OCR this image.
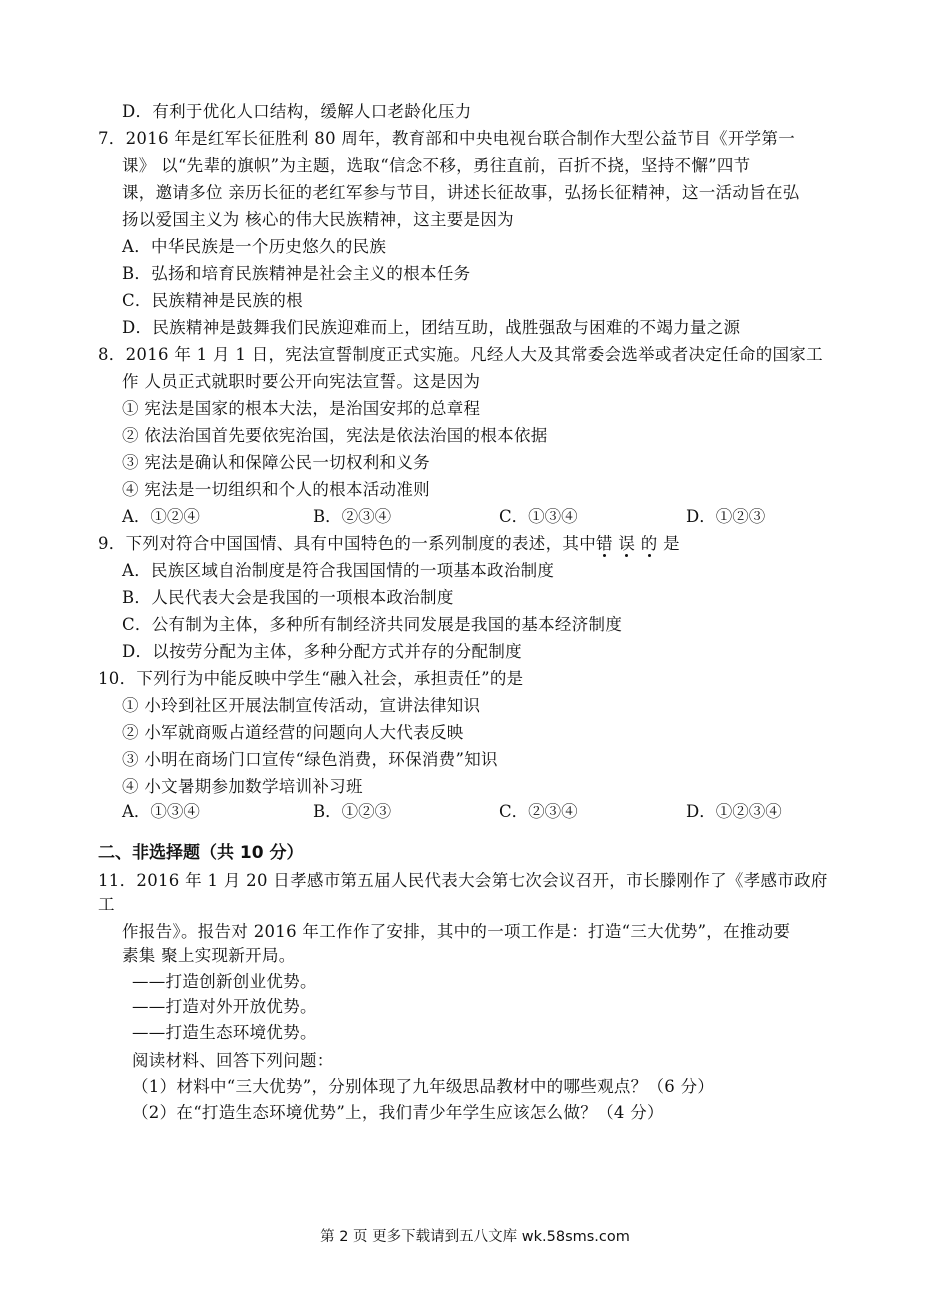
D．有利于优化人口结构，缓解人口老龄化压力
7．2016 年是红军长征胜利 80 周年，教育部和中央电视台联合制作大型公益节目《开学第一
课》 以“先辈的旗帜”为主题，选取“信念不移，勇往直前，百折不挠，坚持不懈”四节
课，邀请多位 亲历长征的老红军参与节目，讲述长征故事，弘扬长征精神，这一活动旨在弘
扬以爱国主义为 核心的伟大民族精神，这主要是因为
A．中华民族是一个历史悠久的民族
B．弘扬和培育民族精神是社会主义的根本任务
C．民族精神是民族的根
D．民族精神是鼓舞我们民族迎难而上，团结互助，战胜强敌与困难的不竭力量之源
8．2016 年 1 月 1 日，宪法宣誓制度正式实施。凡经人大及其常委会选举或者决定任命的国家工
作 人员正式就职时要公开向宪法宣誓。这是因为
① 宪法是国家的根本大法，是治国安邦的总章程
② 依法治国首先要依宪治国，宪法是依法治国的根本依据
③ 宪法是确认和保障公民一切权利和义务
④ 宪法是一切组织和个人的根本活动准则
A．①②④	B．②③④	C．①③④	D．①②③
9．下列对符合中国国情、具有中国特色的一系列制度的表述，其中错 误 的 是
A．民族区域自治制度是符合我国国情的一项基本政治制度
B．人民代表大会是我国的一项根本政治制度
C．公有制为主体，多种所有制经济共同发展是我国的基本经济制度
D．以按劳分配为主体，多种分配方式并存的分配制度
10．下列行为中能反映中学生“融入社会，承担责任”的是
① 小玲到社区开展法制宣传活动，宣讲法律知识
② 小军就商贩占道经营的问题向人大代表反映
③ 小明在商场门口宣传“绿色消费，环保消费”知识
④ 小文暑期参加数学培训补习班
A．①③④	B．①②③	C．②③④	D．①②③④
二、非选择题（共 10 分）
11．2016 年 1 月 20 日孝感市第五届人民代表大会第七次会议召开，市长滕刚作了《孝感市政府
工
作报告》。报告对 2016 年工作作了安排，其中的一项工作是：打造“三大优势”，在推动要
素集 聚上实现新开局。
——打造创新创业优势。
——打造对外开放优势。
——打造生态环境优势。
阅读材料、回答下列问题：
（1）材料中“三大优势”，分别体现了九年级思品教材中的哪些观点？（6 分）
（2）在“打造生态环境优势”上，我们青少年学生应该怎么做？（4 分）
第 2 页 更多下载请到五八文库 wk.58sms.com
